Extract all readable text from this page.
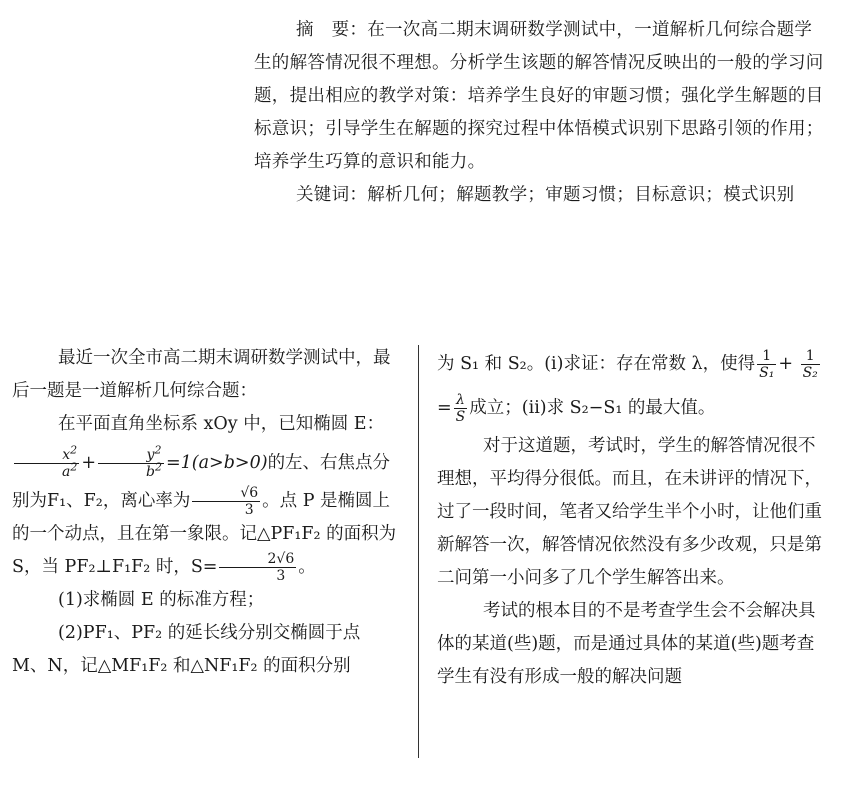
摘　要：在一次高二期末调研数学测试中，一道解析几何综合题学生的解答情况很不理想。分析学生该题的解答情况反映出的一般的学习问题，提出相应的教学对策：培养学生良好的审题习惯；强化学生解题的目标意识；引导学生在解题的探究过程中体悟模式识别下思路引领的作用；培养学生巧算的意识和能力。

关键词：解析几何；解题教学；审题习惯；目标意识；模式识别

最近一次全市高二期末调研数学测试中，最后一题是一道解析几何综合题：

在平面直角坐标系 xOy 中，已知椭圆 E：
$\frac{x^2}{a^2} + \frac{y^2}{b^2} =1(a>b>0)$的左、右焦点分别为F₁、F₂，离心率为 $\frac{√6}{3}$ 。点 P 是椭圆上的一个动点，且在第一象限。记△PF₁F₂ 的面积为 S，当 PF₂⊥F₁F₂ 时，$S= \frac{2√6}{3}$ 。

(1)求椭圆 E 的标准方程；

(2)PF₁、PF₂ 的延长线分别交椭圆于点 M、N，记△MF₁F₂ 和△NF₁F₂ 的面积分别

为 S₁ 和 S₂。(i)求证：存在常数 λ，使得 $\frac{1}{\text{S₁}} + \frac{1}{\text{S₂}}$
= $\frac{\lambda}{S}$ 成立；(ii)求 S₂−S₁ 的最大值。

对于这道题，考试时，学生的解答情况很不理想，平均得分很低。而且，在未讲评的情况下，过了一段时间，笔者又给学生半个小时，让他们重新解答一次，解答情况依然没有多少改观，只是第二问第一小问多了几个学生解答出来。

考试的根本目的不是考查学生会不会解决具体的某道(些)题，而是通过具体的某道(些)题考查学生有没有形成一般的解决问题
